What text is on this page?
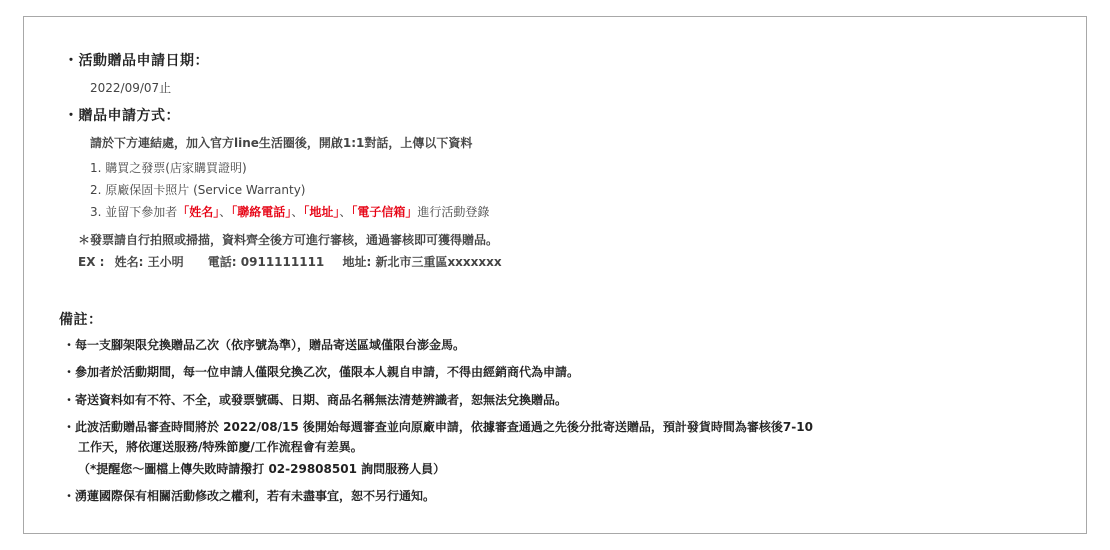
・活動贈品申請日期：
2022/09/07止
・贈品申請方式：
請於下方連結處，加入官方line生活圈後，開啟1:1對話，上傳以下資料
1. 購買之發票(店家購買證明)
2. 原廠保固卡照片 (Service Warranty)
3. 並留下參加者「姓名」、「聯絡電話」、「地址」、「電子信箱」進行活動登錄
＊發票請自行拍照或掃描，資料齊全後方可進行審核，通過審核即可獲得贈品。
EX : 姓名: 王小明 電話: 0911111111 地址: 新北市三重區xxxxxxx
備註：
・每一支腳架限兌換贈品乙次（依序號為準），贈品寄送區域僅限台澎金馬。
・參加者於活動期間，每一位申請人僅限兌換乙次，僅限本人親自申請，不得由經銷商代為申請。
・寄送資料如有不符、不全，或發票號碼、日期、商品名稱無法清楚辨識者，恕無法兌換贈品。
・此波活動贈品審查時間將於 2022/08/15 後開始每週審查並向原廠申請，依據審查通過之先後分批寄送贈品，預計發貨時間為審核後7-10
工作天，將依運送服務/特殊節慶/工作流程會有差異。
（*提醒您～圖檔上傳失敗時請撥打 02-29808501 詢問服務人員）
・湧蓮國際保有相關活動修改之權利，若有未盡事宜，恕不另行通知。
